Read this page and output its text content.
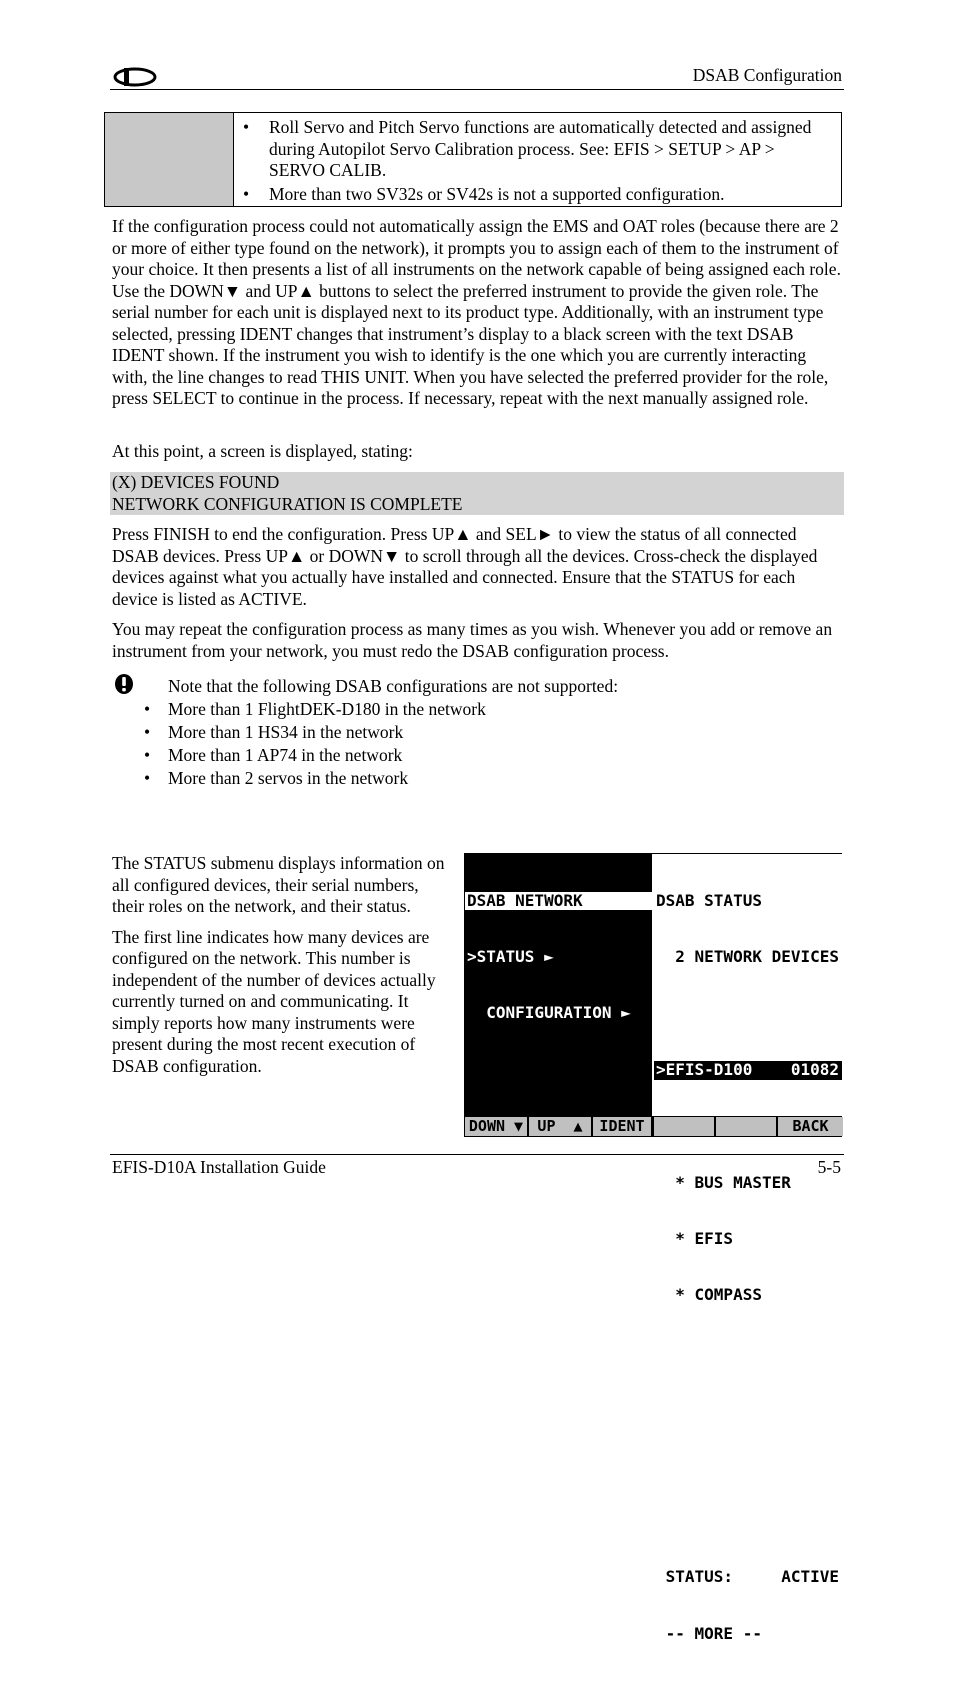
DSAB Configuration
• Roll Servo and Pitch Servo functions are automatically detected and assigned during Autopilot Servo Calibration process. See: EFIS > SETUP > AP > SERVO CALIB.
• More than two SV32s or SV42s is not a supported configuration.

If the configuration process could not automatically assign the EMS and OAT roles (because there are 2 or more of either type found on the network), it prompts you to assign each of them to the instrument of your choice. It then presents a list of all instruments on the network capable of being assigned each role. Use the DOWN▼ and UP▲ buttons to select the preferred instrument to provide the given role. The serial number for each unit is displayed next to its product type. Additionally, with an instrument type selected, pressing IDENT changes that instrument’s display to a black screen with the text DSAB IDENT shown. If the instrument you wish to identify is the one which you are currently interacting with, the line changes to read THIS UNIT. When you have selected the preferred provider for the role, press SELECT to continue in the process. If necessary, repeat with the next manually assigned role.

At this point, a screen is displayed, stating:

(X) DEVICES FOUND
NETWORK CONFIGURATION IS COMPLETE

Press FINISH to end the configuration. Press UP▲ and SEL► to view the status of all connected DSAB devices. Press UP▲ or DOWN▼ to scroll through all the devices. Cross-check the displayed devices against what you actually have installed and connected. Ensure that the STATUS for each device is listed as ACTIVE.

You may repeat the configuration process as many times as you wish. Whenever you add or remove an instrument from your network, you must redo the DSAB configuration process.

Note that the following DSAB configurations are not supported:
• More than 1 FlightDEK-D180 in the network
• More than 1 HS34 in the network
• More than 1 AP74 in the network
• More than 2 servos in the network

The STATUS submenu displays information on all configured devices, their serial numbers, their roles on the network, and their status.

The first line indicates how many devices are configured on the network. This number is independent of the number of devices actually currently turned on and communicating. It simply reports how many instruments were present during the most recent execution of DSAB configuration.

DSAB NETWORK

>STATUS ►

CONFIGURATION ►

*: ASSIGNED AS

ROLE PROVIDER

?: ROLE NOT

DETECTED

DSAB STATUS

2 NETWORK DEVICES

>EFIS-D100    01082

* BUS MASTER

* EFIS

* COMPASS

STATUS:     ACTIVE

-- MORE --

DOWN ▼

UP  ▲

	IDENT

	BACK

EFIS-D10A Installation Guide	5-5
